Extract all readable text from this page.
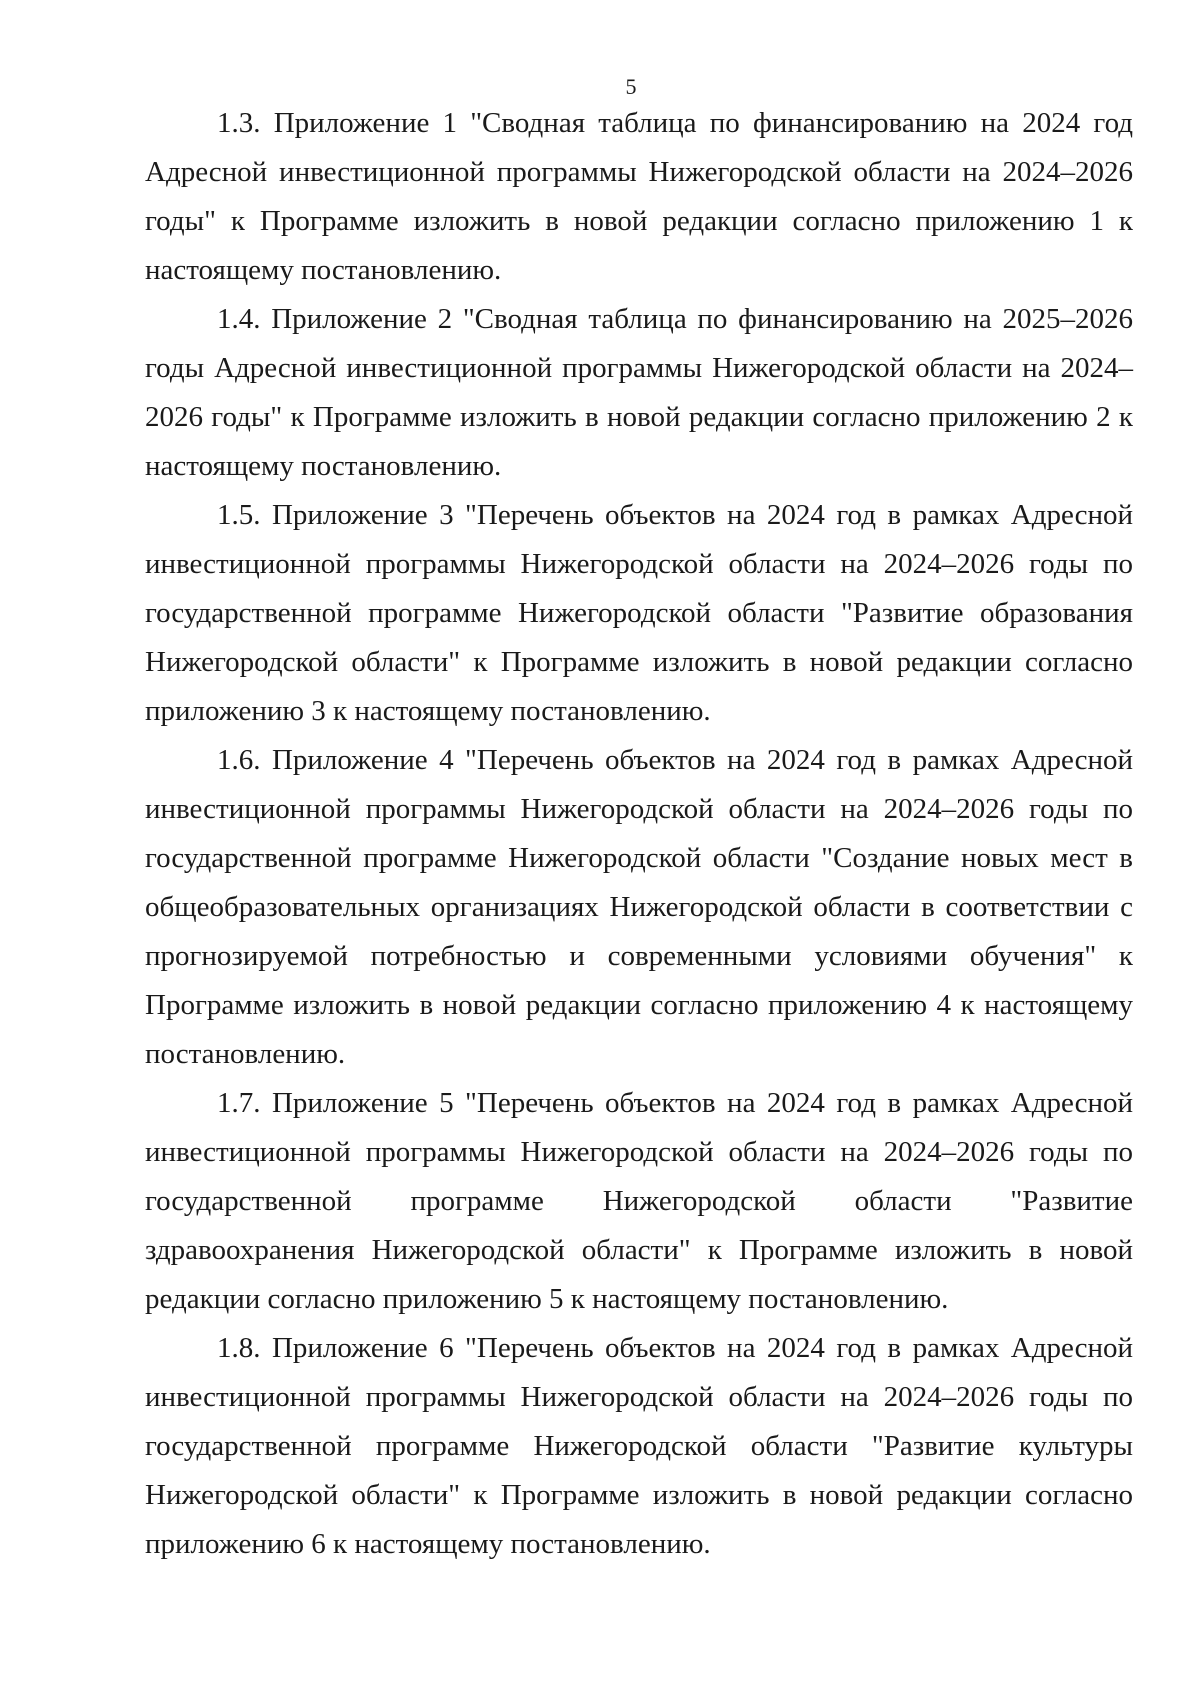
5

1.3. Приложение 1 "Сводная таблица по финансированию на 2024 год Адресной инвестиционной программы Нижегородской области на 2024–2026 годы" к Программе изложить в новой редакции согласно приложению 1 к настоящему постановлению.

1.4. Приложение 2 "Сводная таблица по финансированию на 2025–2026 годы Адресной инвестиционной программы Нижегородской области на 2024–2026 годы" к Программе изложить в новой редакции согласно приложению 2 к настоящему постановлению.

1.5. Приложение 3 "Перечень объектов на 2024 год в рамках Адресной инвестиционной программы Нижегородской области на 2024–2026 годы по государственной программе Нижегородской области "Развитие образования Нижегородской области" к Программе изложить в новой редакции согласно приложению 3 к настоящему постановлению.

1.6. Приложение 4 "Перечень объектов на 2024 год в рамках Адресной инвестиционной программы Нижегородской области на 2024–2026 годы по государственной программе Нижегородской области "Создание новых мест в общеобразовательных организациях Нижегородской области в соответствии с прогнозируемой потребностью и современными условиями обучения" к Программе изложить в новой редакции согласно приложению 4 к настоящему постановлению.

1.7. Приложение 5 "Перечень объектов на 2024 год в рамках Адресной инвестиционной программы Нижегородской области на 2024–2026 годы по государственной программе Нижегородской области "Развитие здравоохранения Нижегородской области" к Программе изложить в новой редакции согласно приложению 5 к настоящему постановлению.

1.8. Приложение 6 "Перечень объектов на 2024 год в рамках Адресной инвестиционной программы Нижегородской области на 2024–2026 годы по государственной программе Нижегородской области "Развитие культуры Нижегородской области" к Программе изложить в новой редакции согласно приложению 6 к настоящему постановлению.
